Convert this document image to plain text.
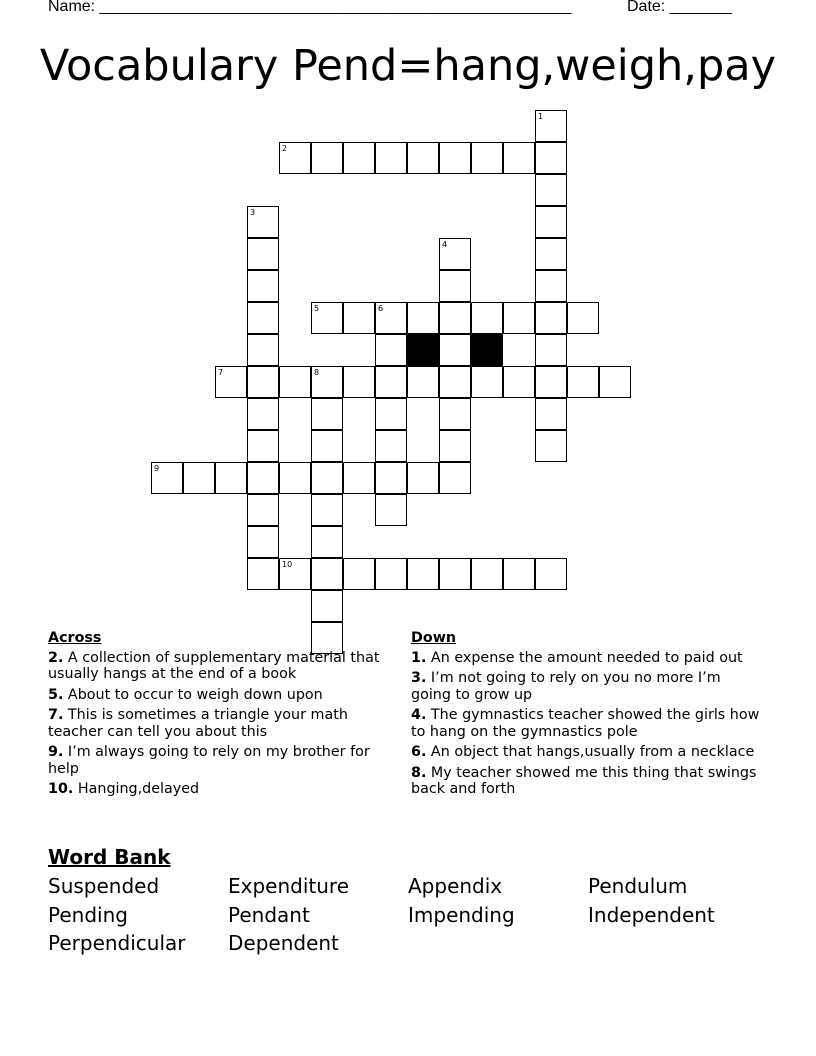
Name: _____________________________________________________	Date: _______
Vocabulary Pend=hang,weigh,pay
1
2
3
4
5	6
7	8
9
10
Across
2. A collection of supplementary material that usually hangs at the end of a book
5. About to occur to weigh down upon
7. This is sometimes a triangle your math teacher can tell you about this
9. I’m always going to rely on my brother for help
10. Hanging,delayed
Down
1. An expense the amount needed to paid out
3. I’m not going to rely on you no more I’m going to grow up
4. The gymnastics teacher showed the girls how to hang on the gymnastics pole
6. An object that hangs,usually from a necklace
8. My teacher showed me this thing that swings back and forth
Word Bank
Suspended	Expenditure	Appendix	Pendulum
Pending	Pendant	Impending	Independent
Perpendicular	Dependent
